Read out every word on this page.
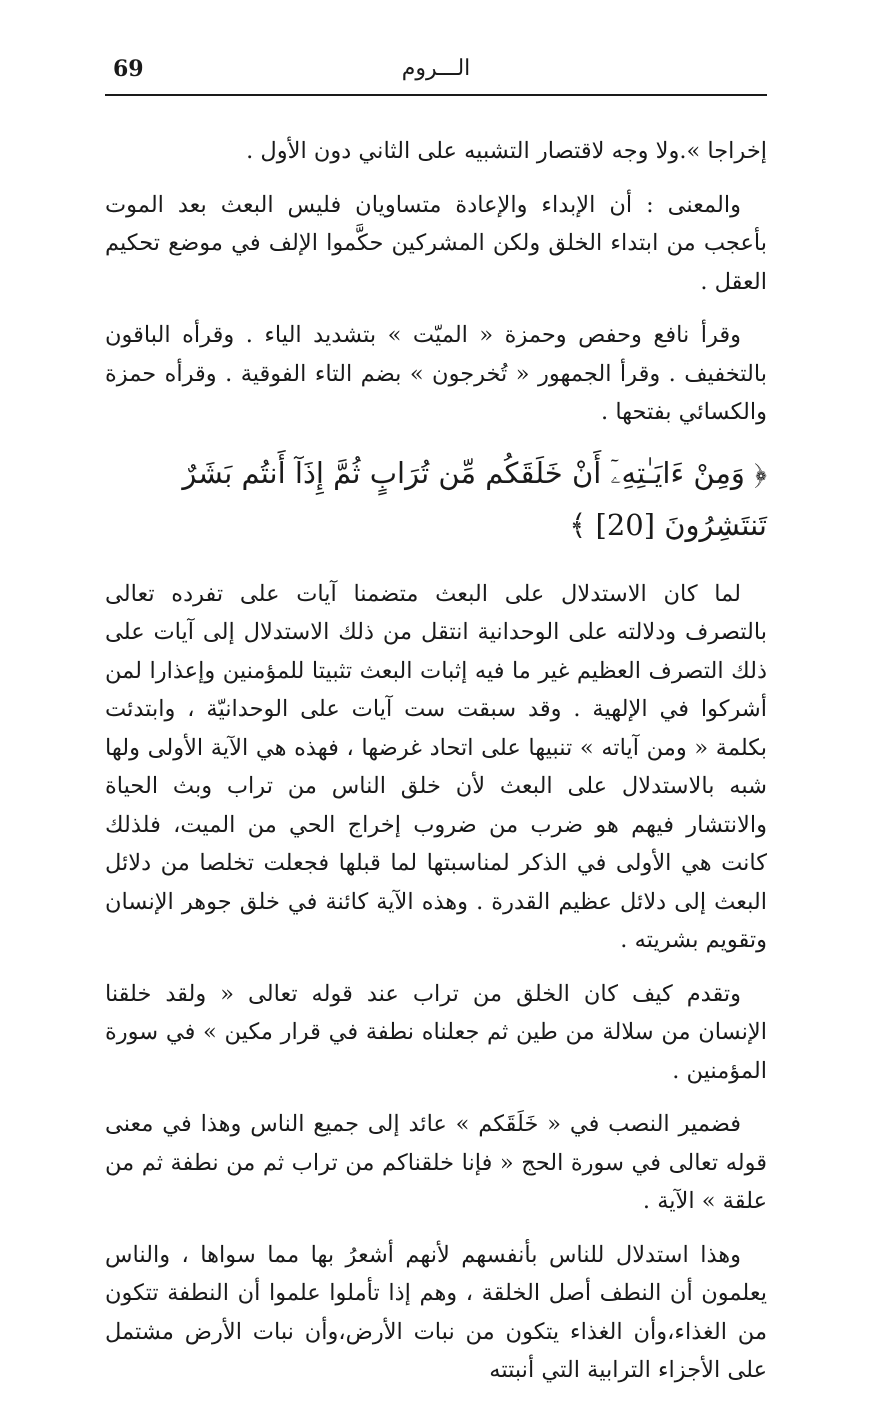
69	الـــروم

إخراجا ».ولا وجه لاقتصار التشبيه على الثاني دون الأول .

والمعنى : أن الإبداء والإعادة متساويان فليس البعث بعد الموت بأعجب من ابتداء الخلق ولكن المشركين حكَّموا الإلف في موضع تحكيم العقل .

وقرأ نافع وحفص وحمزة « الميّت » بتشديد الياء . وقرأه الباقون بالتخفيف . وقرأ الجمهور « تُخرجون » بضم التاء الفوقية . وقرأه حمزة والكسائي بفتحها .

﴿ وَمِنْ ءَايَـٰتِهِۦٓ أَنْ خَلَقَكُم مِّن تُرَابٍ ثُمَّ إِذَآ أَنتُم بَشَرٌ تَنتَشِرُونَ [20] ﴾

لما كان الاستدلال على البعث متضمنا آيات على تفرده تعالى بالتصرف ودلالته على الوحدانية انتقل من ذلك الاستدلال إلى آيات على ذلك التصرف العظيم غير ما فيه إثبات البعث تثبيتا للمؤمنين وإعذارا لمن أشركوا في الإلهية . وقد سبقت ست آيات على الوحدانيّة ، وابتدئت بكلمة « ومن آياته » تنبيها على اتحاد غرضها ، فهذه هي الآية الأولى ولها شبه بالاستدلال على البعث لأن خلق الناس من تراب وبث الحياة والانتشار فيهم هو ضرب من ضروب إخراج الحي من الميت، فلذلك كانت هي الأولى في الذكر لمناسبتها لما قبلها فجعلت تخلصا من دلائل البعث إلى دلائل عظيم القدرة . وهذه الآية كائنة في خلق جوهر الإنسان وتقويم بشريته .

وتقدم كيف كان الخلق من تراب عند قوله تعالى « ولقد خلقنا الإنسان من سلالة من طين ثم جعلناه نطفة في قرار مكين » في سورة المؤمنين .

فضمير النصب في « خَلَقَكم » عائد إلى جميع الناس وهذا في معنى قوله تعالى في سورة الحج « فإنا خلقناكم من تراب ثم من نطفة ثم من علقة » الآية .

وهذا استدلال للناس بأنفسهم لأنهم أشعرُ بها مما سواها ، والناس يعلمون أن النطف أصل الخلقة ، وهم إذا تأملوا علموا أن النطفة تتكون من الغذاء،وأن الغذاء يتكون من نبات الأرض،وأن نبات الأرض مشتمل على الأجزاء الترابية التي أنبتته
